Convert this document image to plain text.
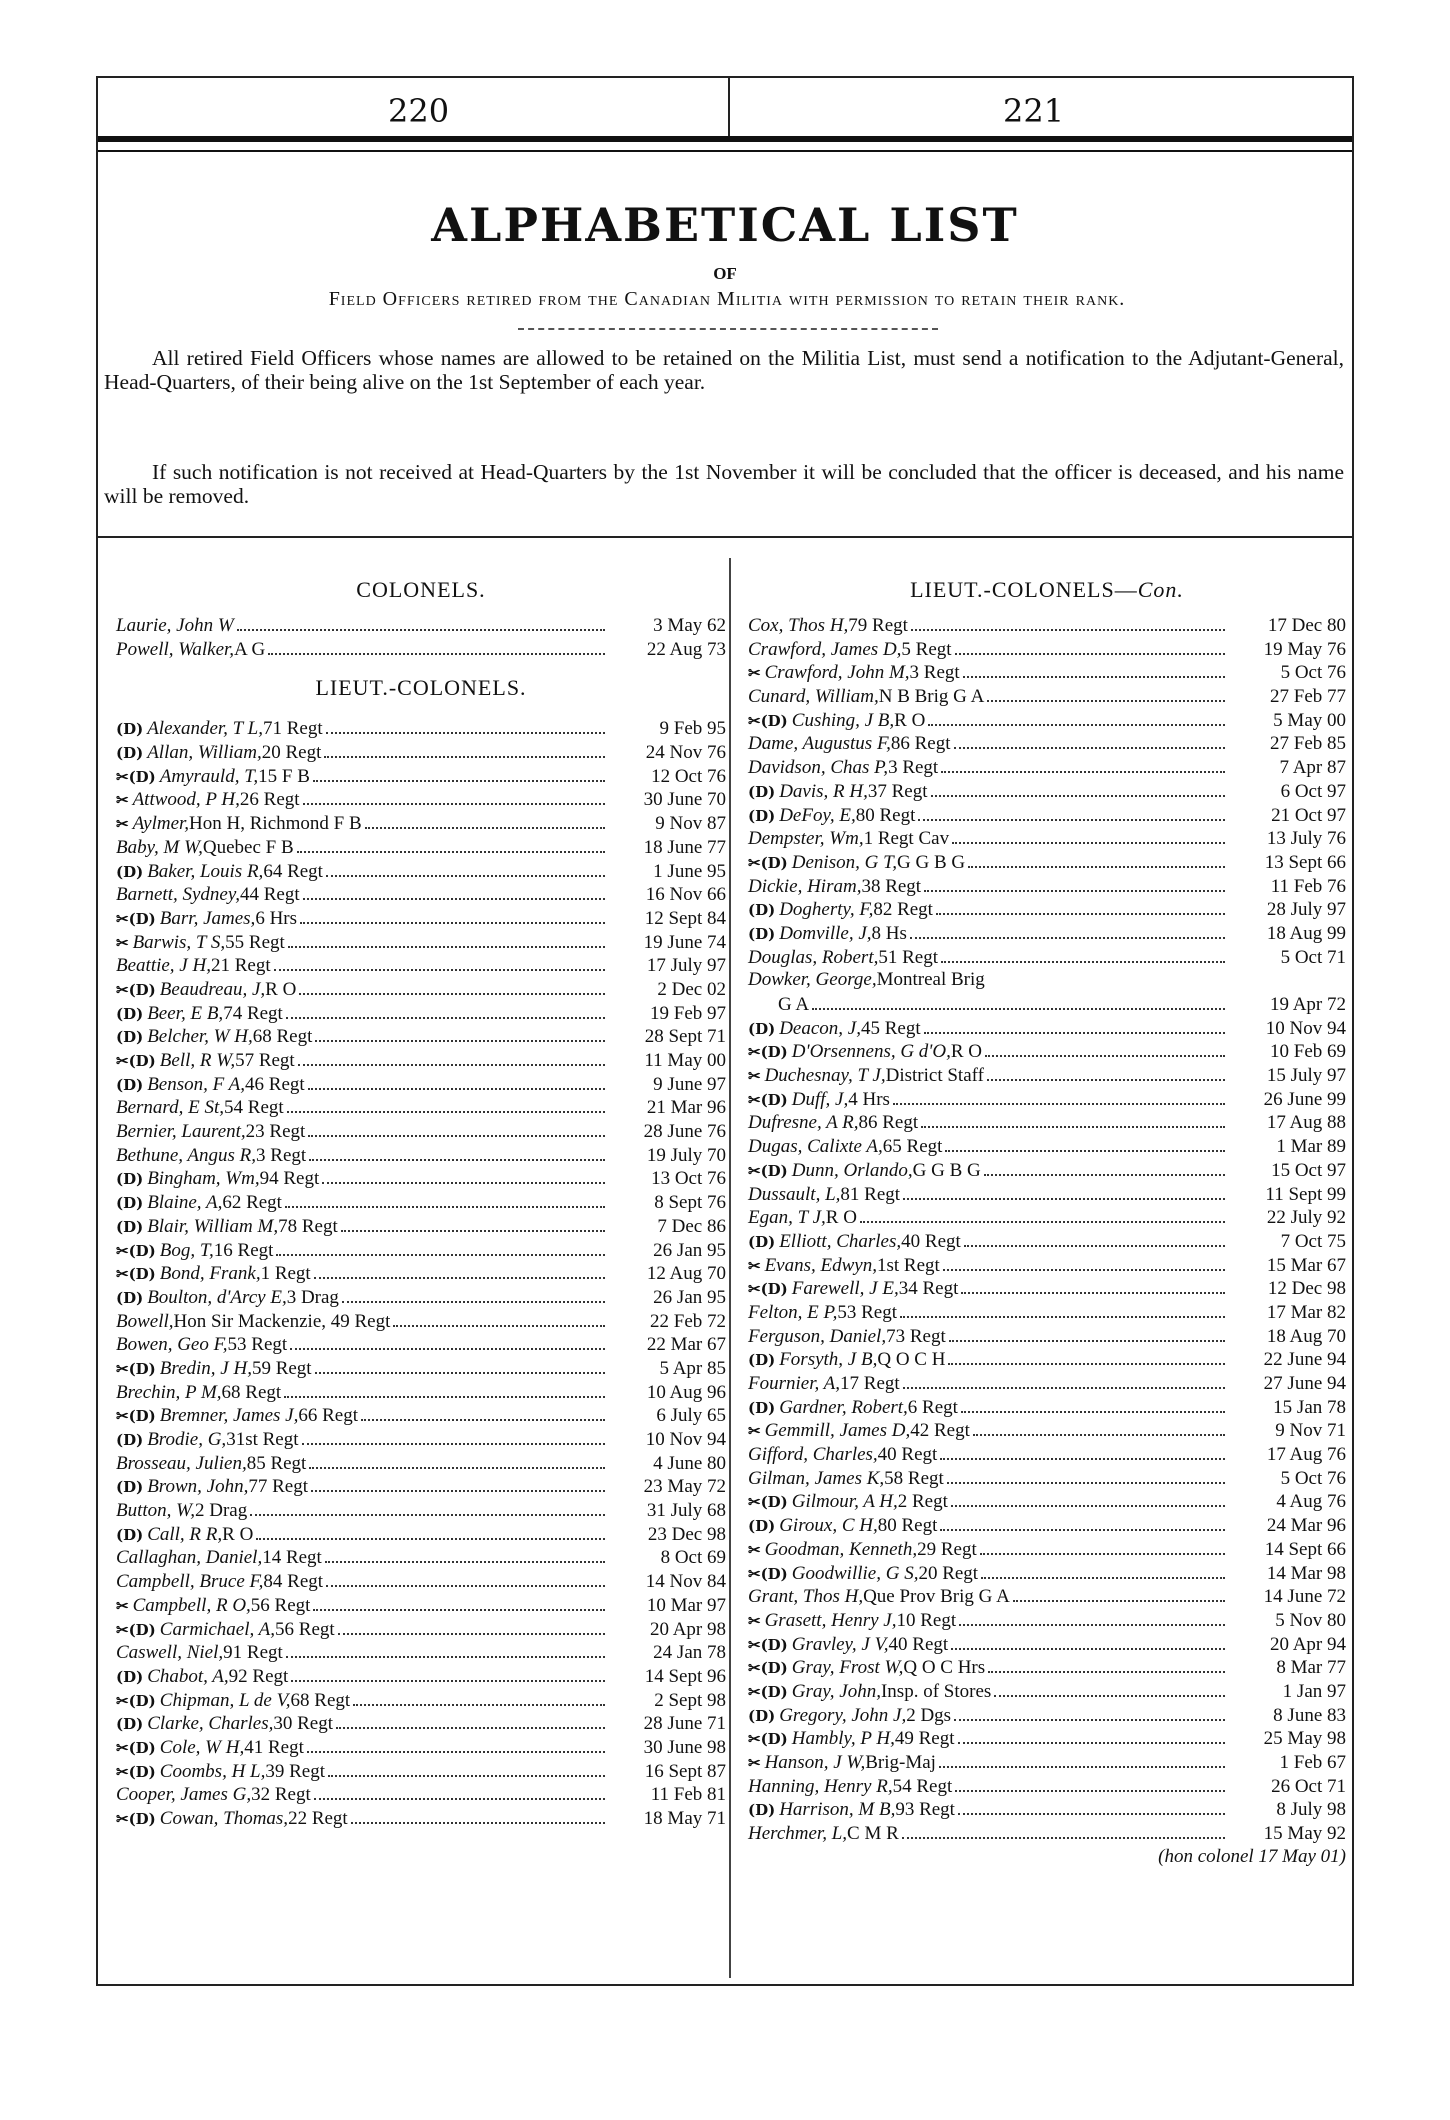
220	221
ALPHABETICAL LIST
OF
Field Officers retired from the Canadian Militia with permission to retain their rank.
All retired Field Officers whose names are allowed to be retained on the Militia List, must send a notification to the Adjutant-General, Head-Quarters, of their being alive on the 1st September of each year.
If such notification is not received at Head-Quarters by the 1st November it will be concluded that the officer is deceased, and his name will be removed.
COLONELS.
Laurie, John W	3 May 62
Powell, Walker, A G	22 Aug 73
LIEUT.-COLONELS.
(D) Alexander, T L, 71 Regt	9 Feb 95
(D) Allan, William, 20 Regt	24 Nov 76
✂(D) Amyrauld, T, 15 F B	12 Oct 76
✂ Attwood, P H, 26 Regt	30 June 70
✂ Aylmer, Hon H, Richmond F B	9 Nov 87
Baby, M W, Quebec F B	18 June 77
(D) Baker, Louis R, 64 Regt	1 June 95
Barnett, Sydney, 44 Regt	16 Nov 66
✂(D) Barr, James, 6 Hrs	12 Sept 84
✂ Barwis, T S, 55 Regt	19 June 74
Beattie, J H, 21 Regt	17 July 97
✂(D) Beaudreau, J, R O	2 Dec 02
(D) Beer, E B, 74 Regt	19 Feb 97
(D) Belcher, W H, 68 Regt	28 Sept 71
✂(D) Bell, R W, 57 Regt	11 May 00
(D) Benson, F A, 46 Regt	9 June 97
Bernard, E St, 54 Regt	21 Mar 96
Bernier, Laurent, 23 Regt	28 June 76
Bethune, Angus R, 3 Regt	19 July 70
(D) Bingham, Wm, 94 Regt	13 Oct 76
(D) Blaine, A, 62 Regt	8 Sept 76
(D) Blair, William M, 78 Regt	7 Dec 86
✂(D) Bog, T, 16 Regt	26 Jan 95
✂(D) Bond, Frank, 1 Regt	12 Aug 70
(D) Boulton, d'Arcy E, 3 Drag	26 Jan 95
Bowell, Hon Sir Mackenzie, 49 Regt	22 Feb 72
Bowen, Geo F, 53 Regt	22 Mar 67
✂(D) Bredin, J H, 59 Regt	5 Apr 85
Brechin, P M, 68 Regt	10 Aug 96
✂(D) Bremner, James J, 66 Regt	6 July 65
(D) Brodie, G, 31st Regt	10 Nov 94
Brosseau, Julien, 85 Regt	4 June 80
(D) Brown, John, 77 Regt	23 May 72
Button, W, 2 Drag	31 July 68
(D) Call, R R, R O	23 Dec 98
Callaghan, Daniel, 14 Regt	8 Oct 69
Campbell, Bruce F, 84 Regt	14 Nov 84
✂ Campbell, R O, 56 Regt	10 Mar 97
✂(D) Carmichael, A, 56 Regt	20 Apr 98
Caswell, Niel, 91 Regt	24 Jan 78
(D) Chabot, A, 92 Regt	14 Sept 96
✂(D) Chipman, L de V, 68 Regt	2 Sept 98
(D) Clarke, Charles, 30 Regt	28 June 71
✂(D) Cole, W H, 41 Regt	30 June 98
✂(D) Coombs, H L, 39 Regt	16 Sept 87
Cooper, James G, 32 Regt	11 Feb 81
✂(D) Cowan, Thomas, 22 Regt	18 May 71
LIEUT.-COLONELS—Con.
Cox, Thos H, 79 Regt	17 Dec 80
Crawford, James D, 5 Regt	19 May 76
✂ Crawford, John M, 3 Regt	5 Oct 76
Cunard, William, N B Brig G A	27 Feb 77
✂(D) Cushing, J B, R O	5 May 00
Dame, Augustus F, 86 Regt	27 Feb 85
Davidson, Chas P, 3 Regt	7 Apr 87
(D) Davis, R H, 37 Regt	6 Oct 97
(D) DeFoy, E, 80 Regt	21 Oct 97
Dempster, Wm, 1 Regt Cav	13 July 76
✂(D) Denison, G T, G G B G	13 Sept 66
Dickie, Hiram, 38 Regt	11 Feb 76
(D) Dogherty, F, 82 Regt	28 July 97
(D) Domville, J, 8 Hs	18 Aug 99
Douglas, Robert, 51 Regt	5 Oct 71
Dowker, George, Montreal Brig
G A	19 Apr 72
(D) Deacon, J, 45 Regt	10 Nov 94
✂(D) D'Orsennens, G d'O, R O	10 Feb 69
✂ Duchesnay, T J, District Staff	15 July 97
✂(D) Duff, J, 4 Hrs	26 June 99
Dufresne, A R, 86 Regt	17 Aug 88
Dugas, Calixte A, 65 Regt	1 Mar 89
✂(D) Dunn, Orlando, G G B G	15 Oct 97
Dussault, L, 81 Regt	11 Sept 99
Egan, T J, R O	22 July 92
(D) Elliott, Charles, 40 Regt	7 Oct 75
✂ Evans, Edwyn, 1st Regt	15 Mar 67
✂(D) Farewell, J E, 34 Regt	12 Dec 98
Felton, E P, 53 Regt	17 Mar 82
Ferguson, Daniel, 73 Regt	18 Aug 70
(D) Forsyth, J B, Q O C H	22 June 94
Fournier, A, 17 Regt	27 June 94
(D) Gardner, Robert, 6 Regt	15 Jan 78
✂ Gemmill, James D, 42 Regt	9 Nov 71
Gifford, Charles, 40 Regt	17 Aug 76
Gilman, James K, 58 Regt	5 Oct 76
✂(D) Gilmour, A H, 2 Regt	4 Aug 76
(D) Giroux, C H, 80 Regt	24 Mar 96
✂ Goodman, Kenneth, 29 Regt	14 Sept 66
✂(D) Goodwillie, G S, 20 Regt	14 Mar 98
Grant, Thos H, Que Prov Brig G A	14 June 72
✂ Grasett, Henry J, 10 Regt	5 Nov 80
✂(D) Gravley, J V, 40 Regt	20 Apr 94
✂(D) Gray, Frost W, Q O C Hrs	8 Mar 77
✂(D) Gray, John, Insp. of Stores	1 Jan 97
(D) Gregory, John J, 2 Dgs	8 June 83
✂(D) Hambly, P H, 49 Regt	25 May 98
✂ Hanson, J W, Brig-Maj	1 Feb 67
Hanning, Henry R, 54 Regt	26 Oct 71
(D) Harrison, M B, 93 Regt	8 July 98
Herchmer, L, C M R	15 May 92
(hon colonel 17 May 01)
